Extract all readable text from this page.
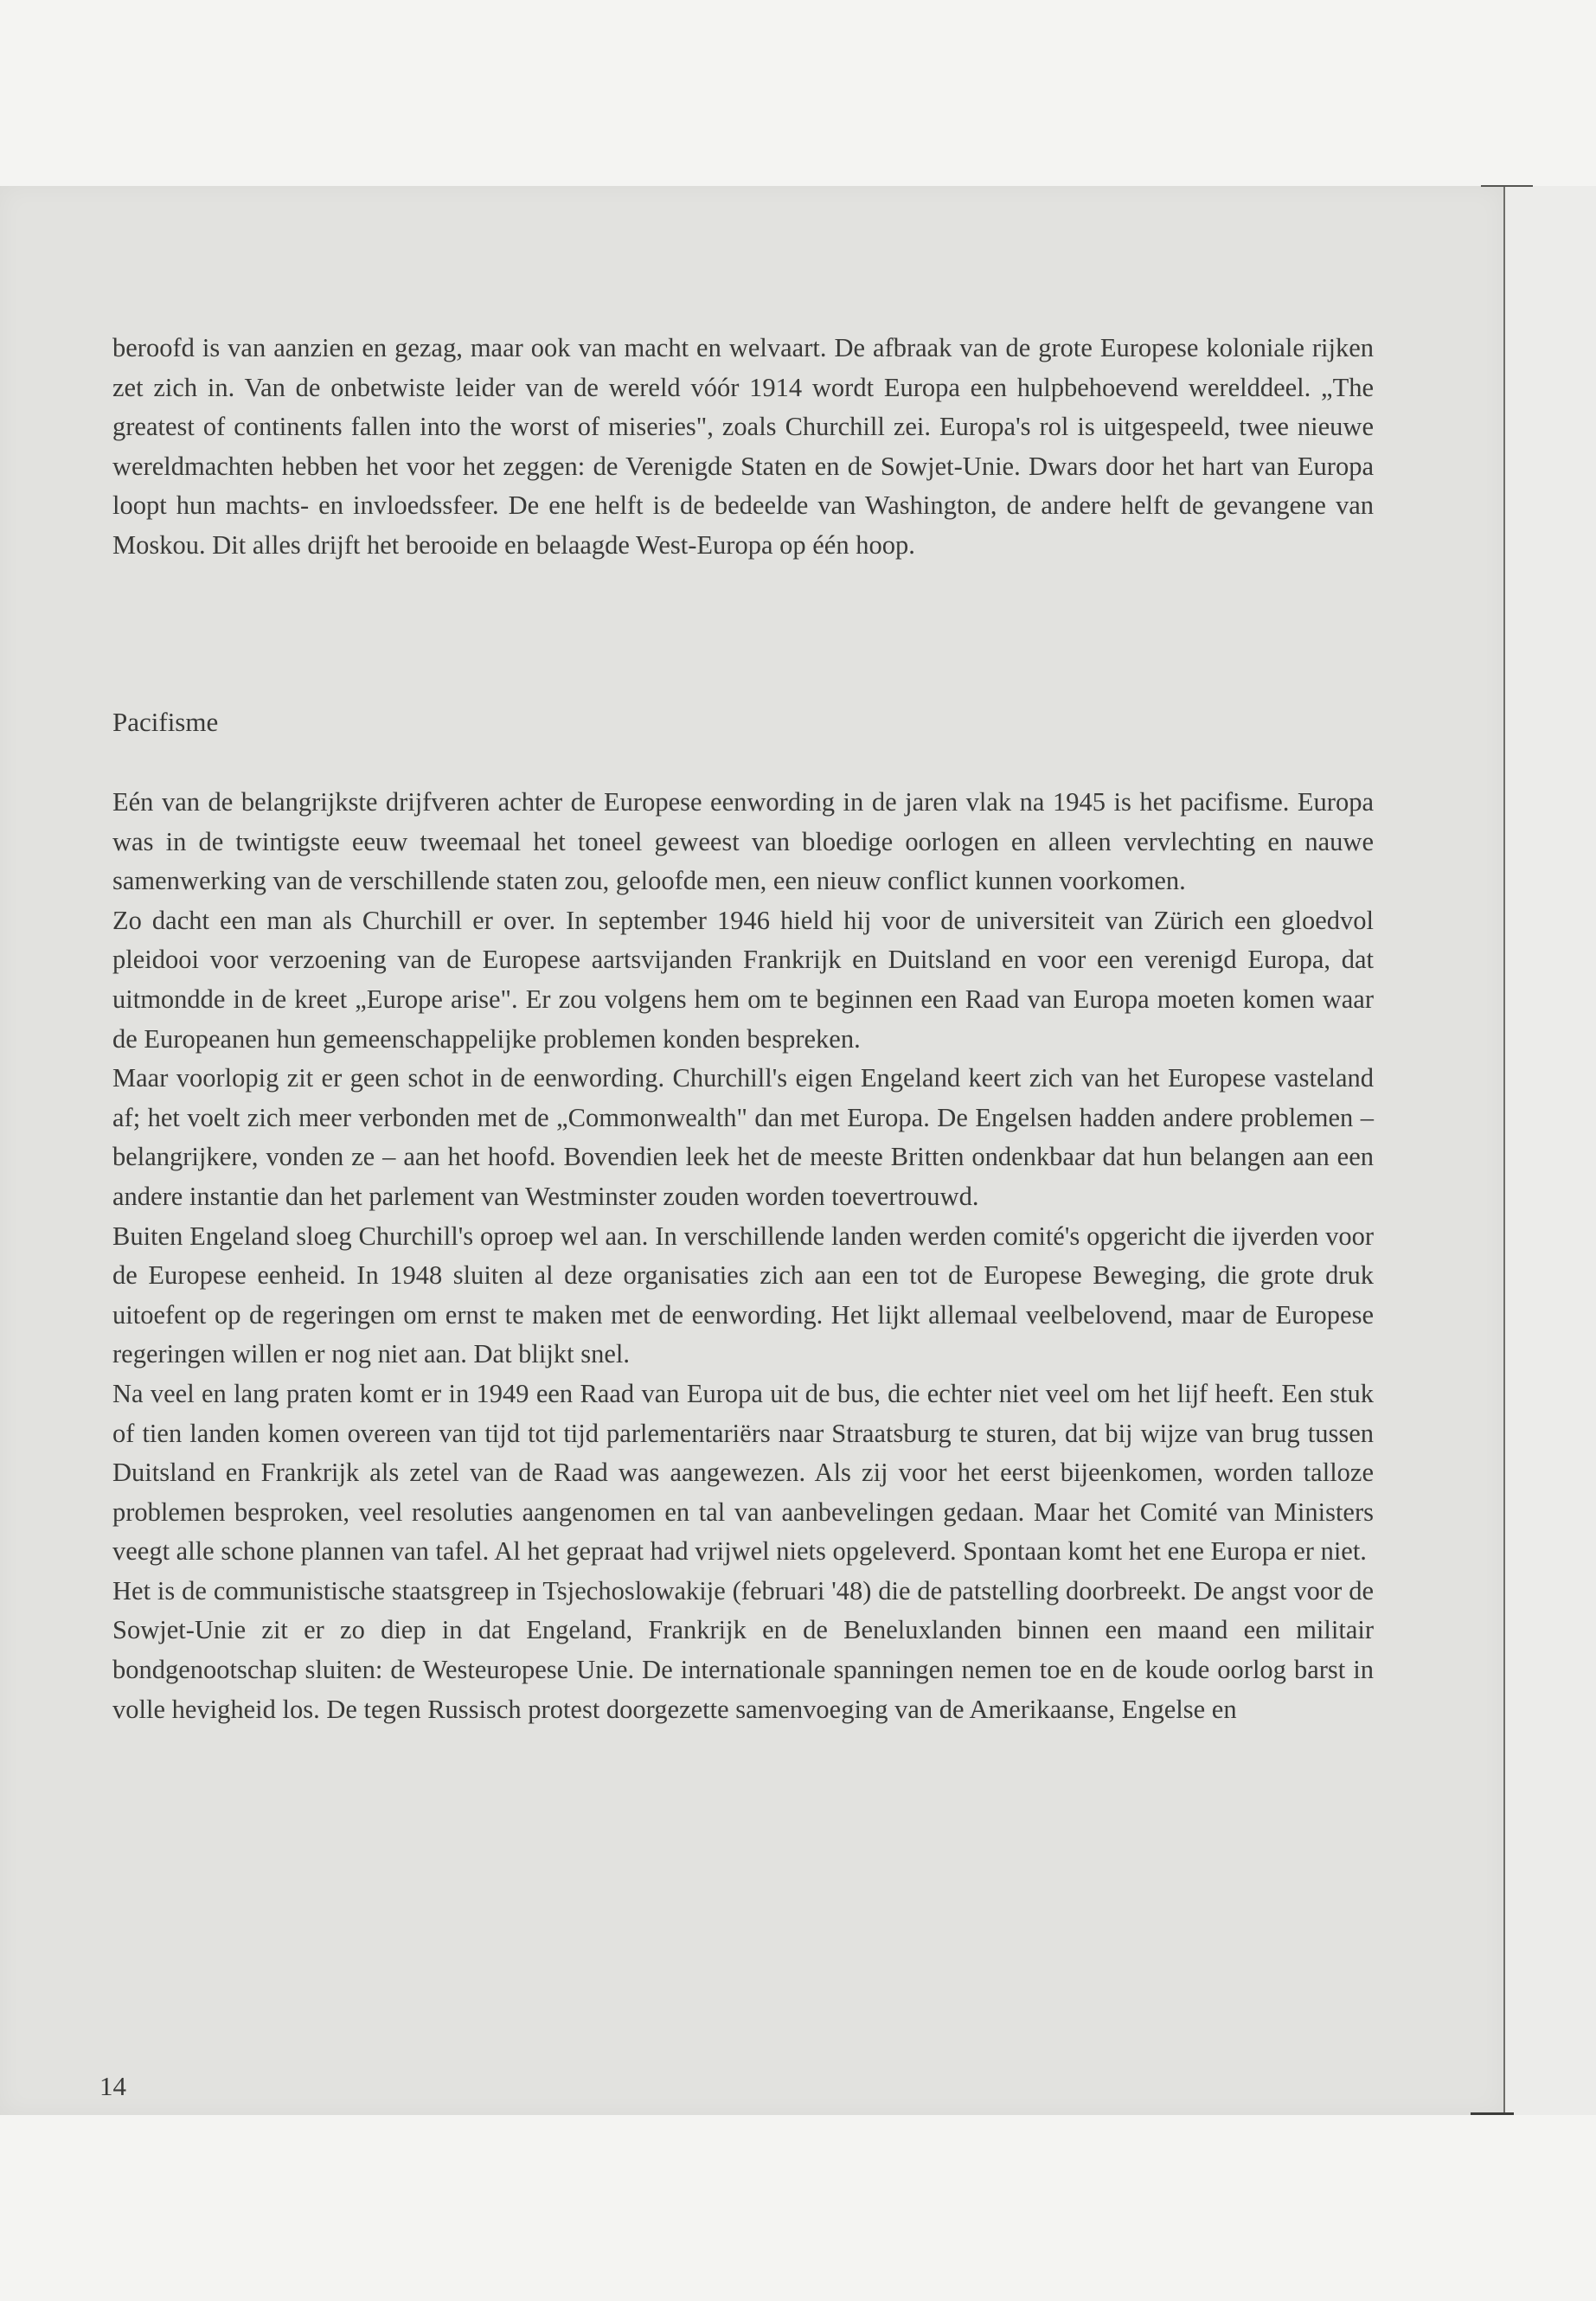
beroofd is van aanzien en gezag, maar ook van macht en welvaart. De afbraak van de grote Europese koloniale rijken zet zich in. Van de onbetwiste leider van de wereld vóór 1914 wordt Europa een hulpbehoevend werelddeel. „The greatest of continents fallen into the worst of miseries", zoals Churchill zei. Europa's rol is uitgespeeld, twee nieuwe wereldmachten hebben het voor het zeggen: de Verenigde Staten en de Sowjet-Unie. Dwars door het hart van Europa loopt hun machts- en invloedssfeer. De ene helft is de bedeelde van Washington, de andere helft de gevangene van Moskou. Dit alles drijft het berooide en belaagde West-Europa op één hoop.

Pacifisme

Eén van de belangrijkste drijfveren achter de Europese eenwording in de jaren vlak na 1945 is het pacifisme. Europa was in de twintigste eeuw tweemaal het toneel geweest van bloedige oorlogen en alleen vervlechting en nauwe samenwerking van de verschillende staten zou, geloofde men, een nieuw conflict kunnen voorkomen.

Zo dacht een man als Churchill er over. In september 1946 hield hij voor de universiteit van Zürich een gloedvol pleidooi voor verzoening van de Europese aartsvijanden Frankrijk en Duitsland en voor een verenigd Europa, dat uitmondde in de kreet „Europe arise". Er zou volgens hem om te beginnen een Raad van Europa moeten komen waar de Europeanen hun gemeenschappelijke problemen konden bespreken.

Maar voorlopig zit er geen schot in de eenwording. Churchill's eigen Engeland keert zich van het Europese vasteland af; het voelt zich meer verbonden met de „Commonwealth" dan met Europa. De Engelsen hadden andere problemen – belangrijkere, vonden ze – aan het hoofd. Bovendien leek het de meeste Britten ondenkbaar dat hun belangen aan een andere instantie dan het parlement van Westminster zouden worden toevertrouwd.

Buiten Engeland sloeg Churchill's oproep wel aan. In verschillende landen werden comité's opgericht die ijverden voor de Europese eenheid. In 1948 sluiten al deze organisaties zich aan een tot de Europese Beweging, die grote druk uitoefent op de regeringen om ernst te maken met de eenwording. Het lijkt allemaal veelbelovend, maar de Europese regeringen willen er nog niet aan. Dat blijkt snel.

Na veel en lang praten komt er in 1949 een Raad van Europa uit de bus, die echter niet veel om het lijf heeft. Een stuk of tien landen komen overeen van tijd tot tijd parlementariërs naar Straatsburg te sturen, dat bij wijze van brug tussen Duitsland en Frankrijk als zetel van de Raad was aangewezen. Als zij voor het eerst bijeenkomen, worden talloze problemen besproken, veel resoluties aangenomen en tal van aanbevelingen gedaan. Maar het Comité van Ministers veegt alle schone plannen van tafel. Al het gepraat had vrijwel niets opgeleverd. Spontaan komt het ene Europa er niet.

Het is de communistische staatsgreep in Tsjechoslowakije (februari '48) die de patstelling doorbreekt. De angst voor de Sowjet-Unie zit er zo diep in dat Engeland, Frankrijk en de Beneluxlanden binnen een maand een militair bondgenootschap sluiten: de Westeuropese Unie. De internationale spanningen nemen toe en de koude oorlog barst in volle hevigheid los. De tegen Russisch protest doorgezette samenvoeging van de Amerikaanse, Engelse en

14
